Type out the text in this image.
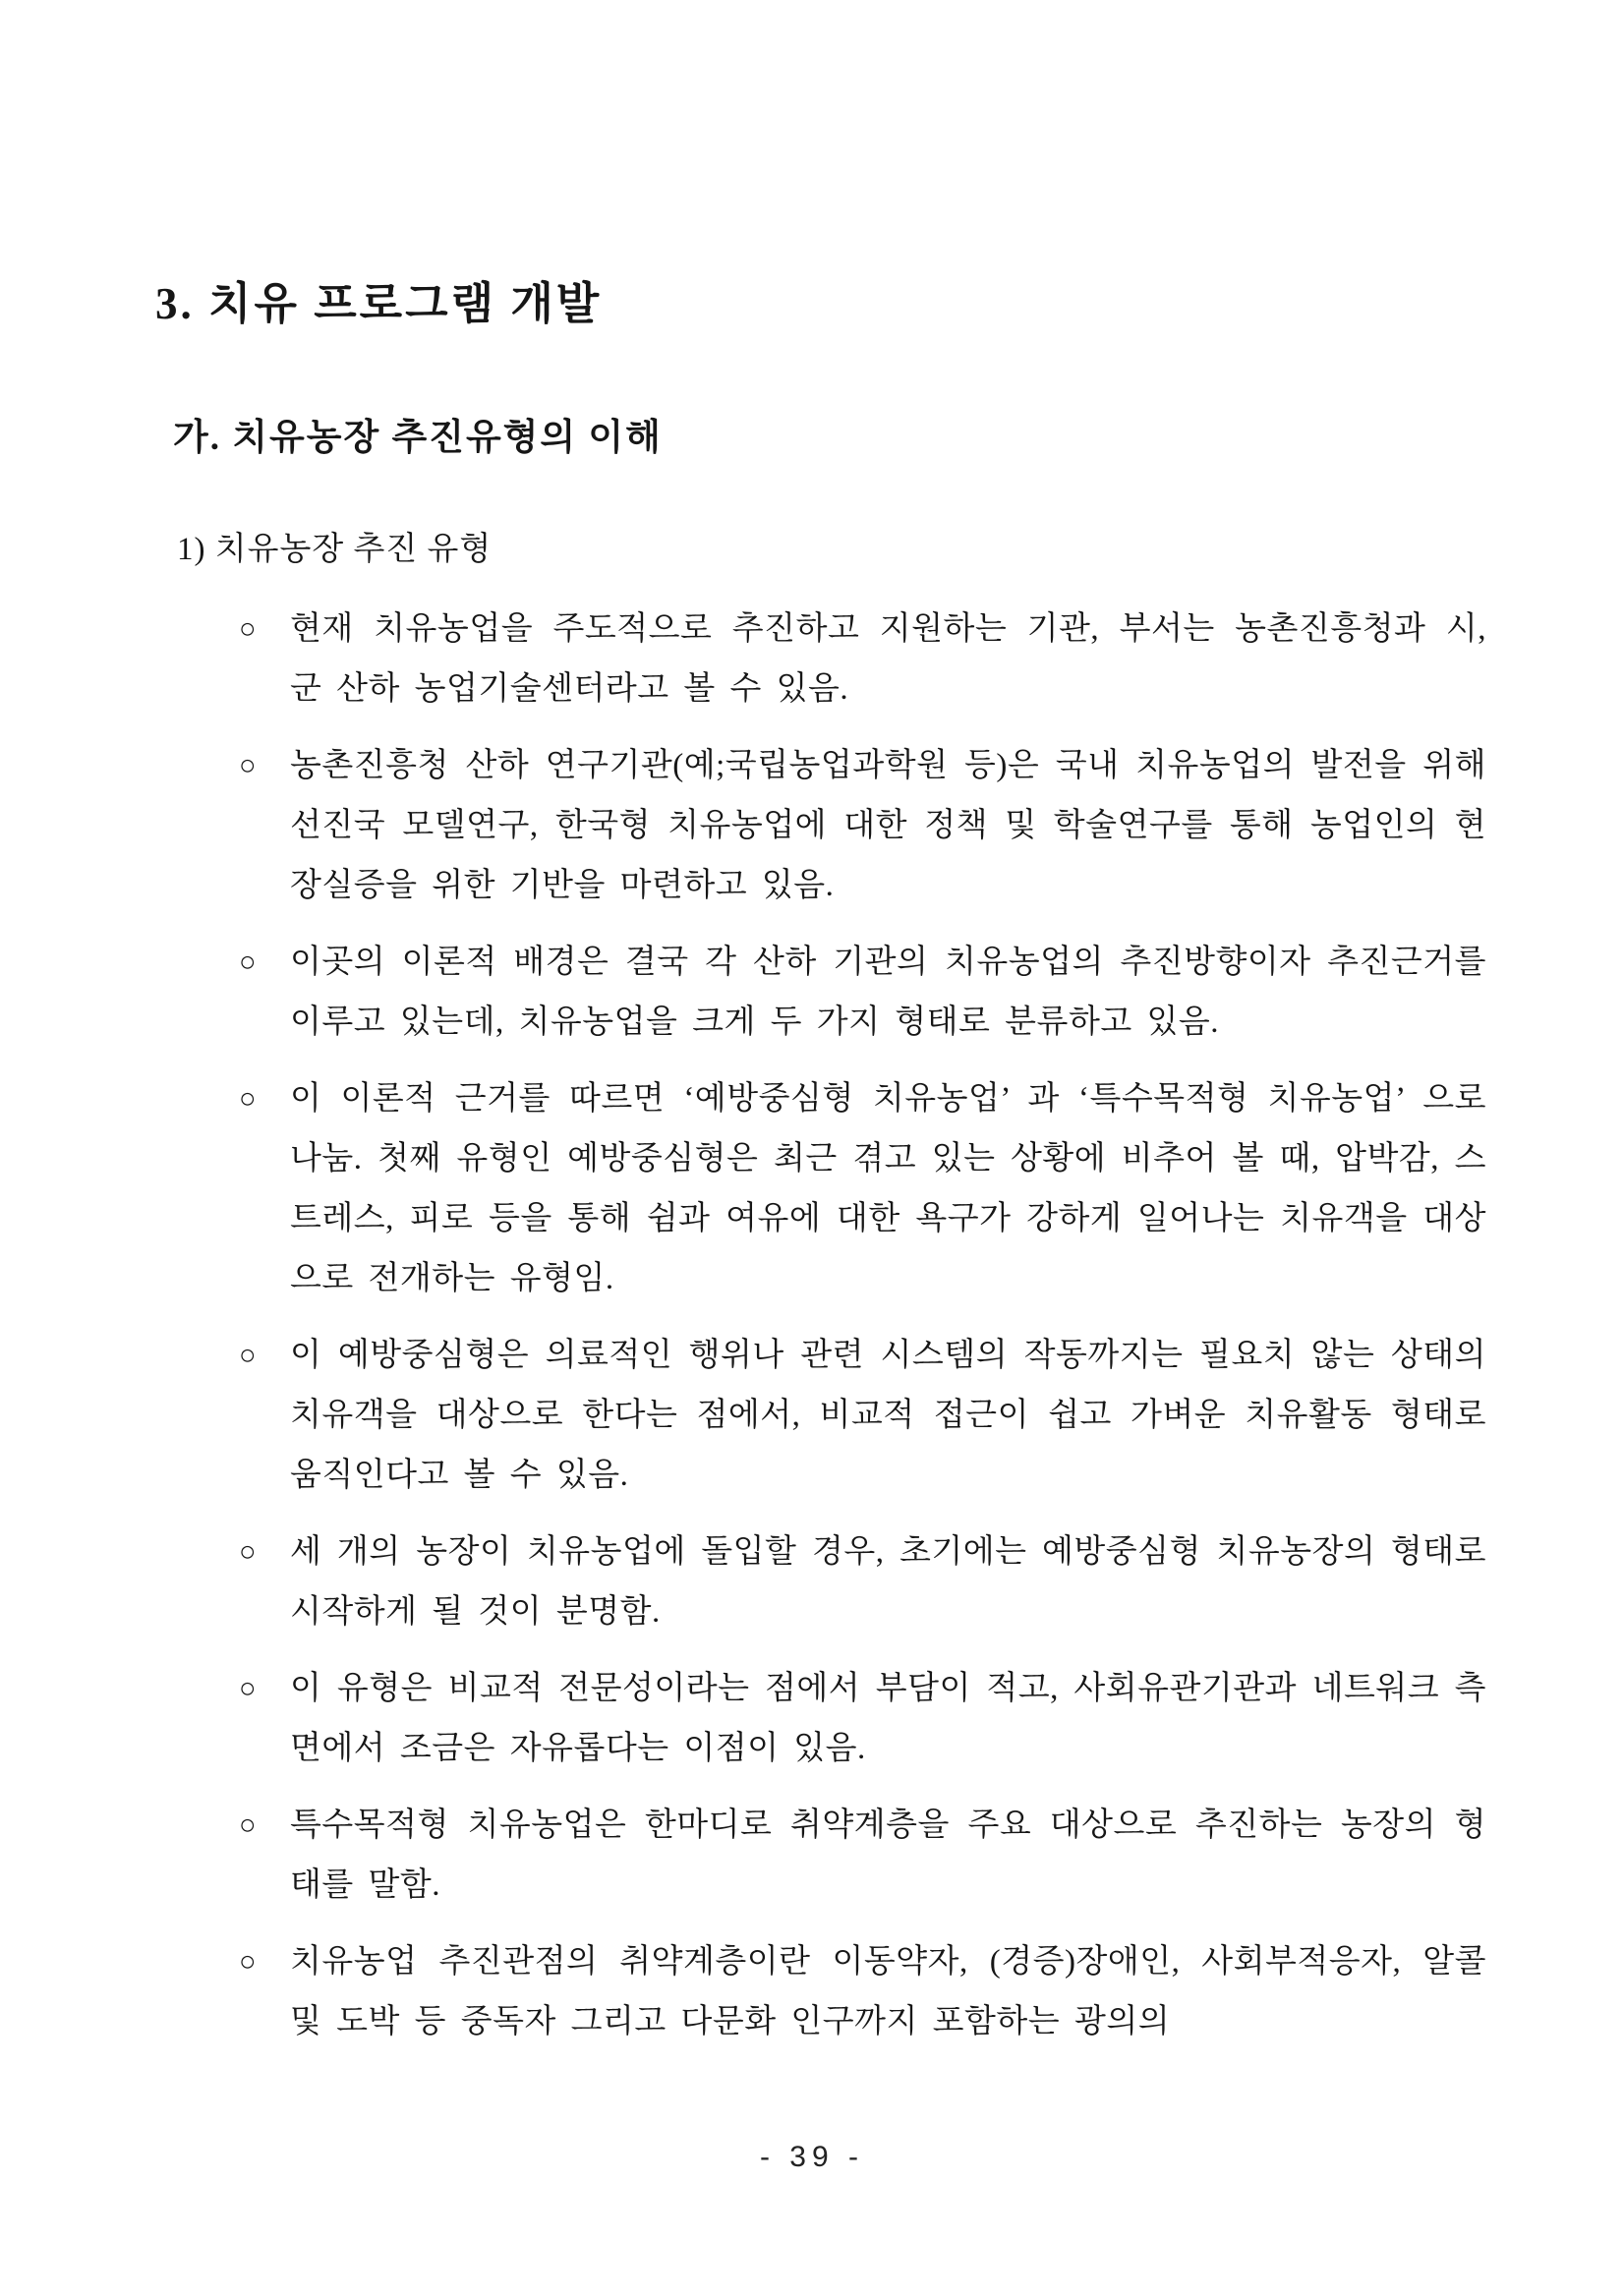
3. 치유 프로그램 개발
가. 치유농장 추진유형의 이해
1) 치유농장 추진 유형
○	현재 치유농업을 주도적으로 추진하고 지원하는 기관, 부서는 농촌진흥청과 시, 군 산하 농업기술센터라고 볼 수 있음.

○	농촌진흥청 산하 연구기관(예;국립농업과학원 등)은 국내 치유농업의 발전을 위해 선진국 모델연구, 한국형 치유농업에 대한 정책 및 학술연구를 통해 농업인의 현장실증을 위한 기반을 마련하고 있음.

○	이곳의 이론적 배경은 결국 각 산하 기관의 치유농업의 추진방향이자 추진근거를 이루고 있는데, 치유농업을 크게 두 가지 형태로 분류하고 있음.

○	이 이론적 근거를 따르면 ‘예방중심형 치유농업’ 과 ‘특수목적형 치유농업’ 으로 나눔. 첫째 유형인 예방중심형은 최근 겪고 있는 상황에 비추어 볼 때, 압박감, 스트레스, 피로 등을 통해 쉼과 여유에 대한 욕구가 강하게 일어나는 치유객을 대상으로 전개하는 유형임.

○	이 예방중심형은 의료적인 행위나 관련 시스템의 작동까지는 필요치 않는 상태의 치유객을 대상으로 한다는 점에서, 비교적 접근이 쉽고 가벼운 치유활동 형태로 움직인다고 볼 수 있음.

○	세 개의 농장이 치유농업에 돌입할 경우, 초기에는 예방중심형 치유농장의 형태로 시작하게 될 것이 분명함.

○	이 유형은 비교적 전문성이라는 점에서 부담이 적고, 사회유관기관과 네트워크 측면에서 조금은 자유롭다는 이점이 있음.

○	특수목적형 치유농업은 한마디로 취약계층을 주요 대상으로 추진하는 농장의 형태를 말함.

○	치유농업 추진관점의 취약계층이란 이동약자, (경증)장애인, 사회부적응자, 알콜 및 도박 등 중독자 그리고 다문화 인구까지 포함하는 광의의

- 39 -
